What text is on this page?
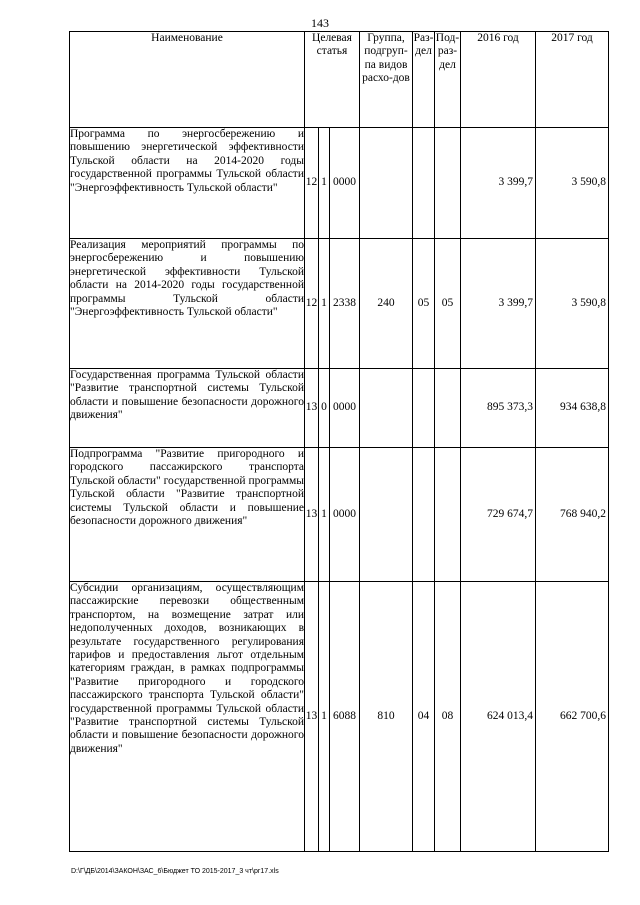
143
Наименование	Целевая статья			Группа, подгруп-па видов расхо-дов	Раз-дел	Под-раз-дел	2016 год	2017 год
Программа по энергосбережению и повышению энергетической эффективности Тульской области на 2014-2020 годы государственной программы Тульской области "Энергоэффективность Тульской области"	12	1	0000				3 399,7	3 590,8
Реализация мероприятий программы по энергосбережению и повышению энергетической эффективности Тульской области на 2014-2020 годы государственной программы Тульской области "Энергоэффективность Тульской области"	12	1	2338	240	05	05	3 399,7	3 590,8
Государственная программа Тульской области "Развитие транспортной системы Тульской области и повышение безопасности дорожного движения"	13	0	0000				895 373,3	934 638,8
Подпрограмма "Развитие пригородного и городского пассажирского транспорта Тульской области" государственной программы Тульской области "Развитие транспортной системы Тульской области и повышение безопасности дорожного движения"	13	1	0000				729 674,7	768 940,2
Субсидии организациям, осуществляющим пассажирские перевозки общественным транспортом, на возмещение затрат или недополученных доходов, возникающих в результате государственного регулирования тарифов и предоставления льгот отдельным категориям граждан, в рамках подпрограммы "Развитие пригородного и городского пассажирского транспорта Тульской области" государственной программы Тульской области "Развитие транспортной системы Тульской области и повышение безопасности дорожного движения"	13	1	6088	810	04	08	624 013,4	662 700,6
D:\Г\ДБ\2014\ЗАКОН\ЗАС_6\Бюджет ТО 2015-2017_3 чт\рг17.xls
